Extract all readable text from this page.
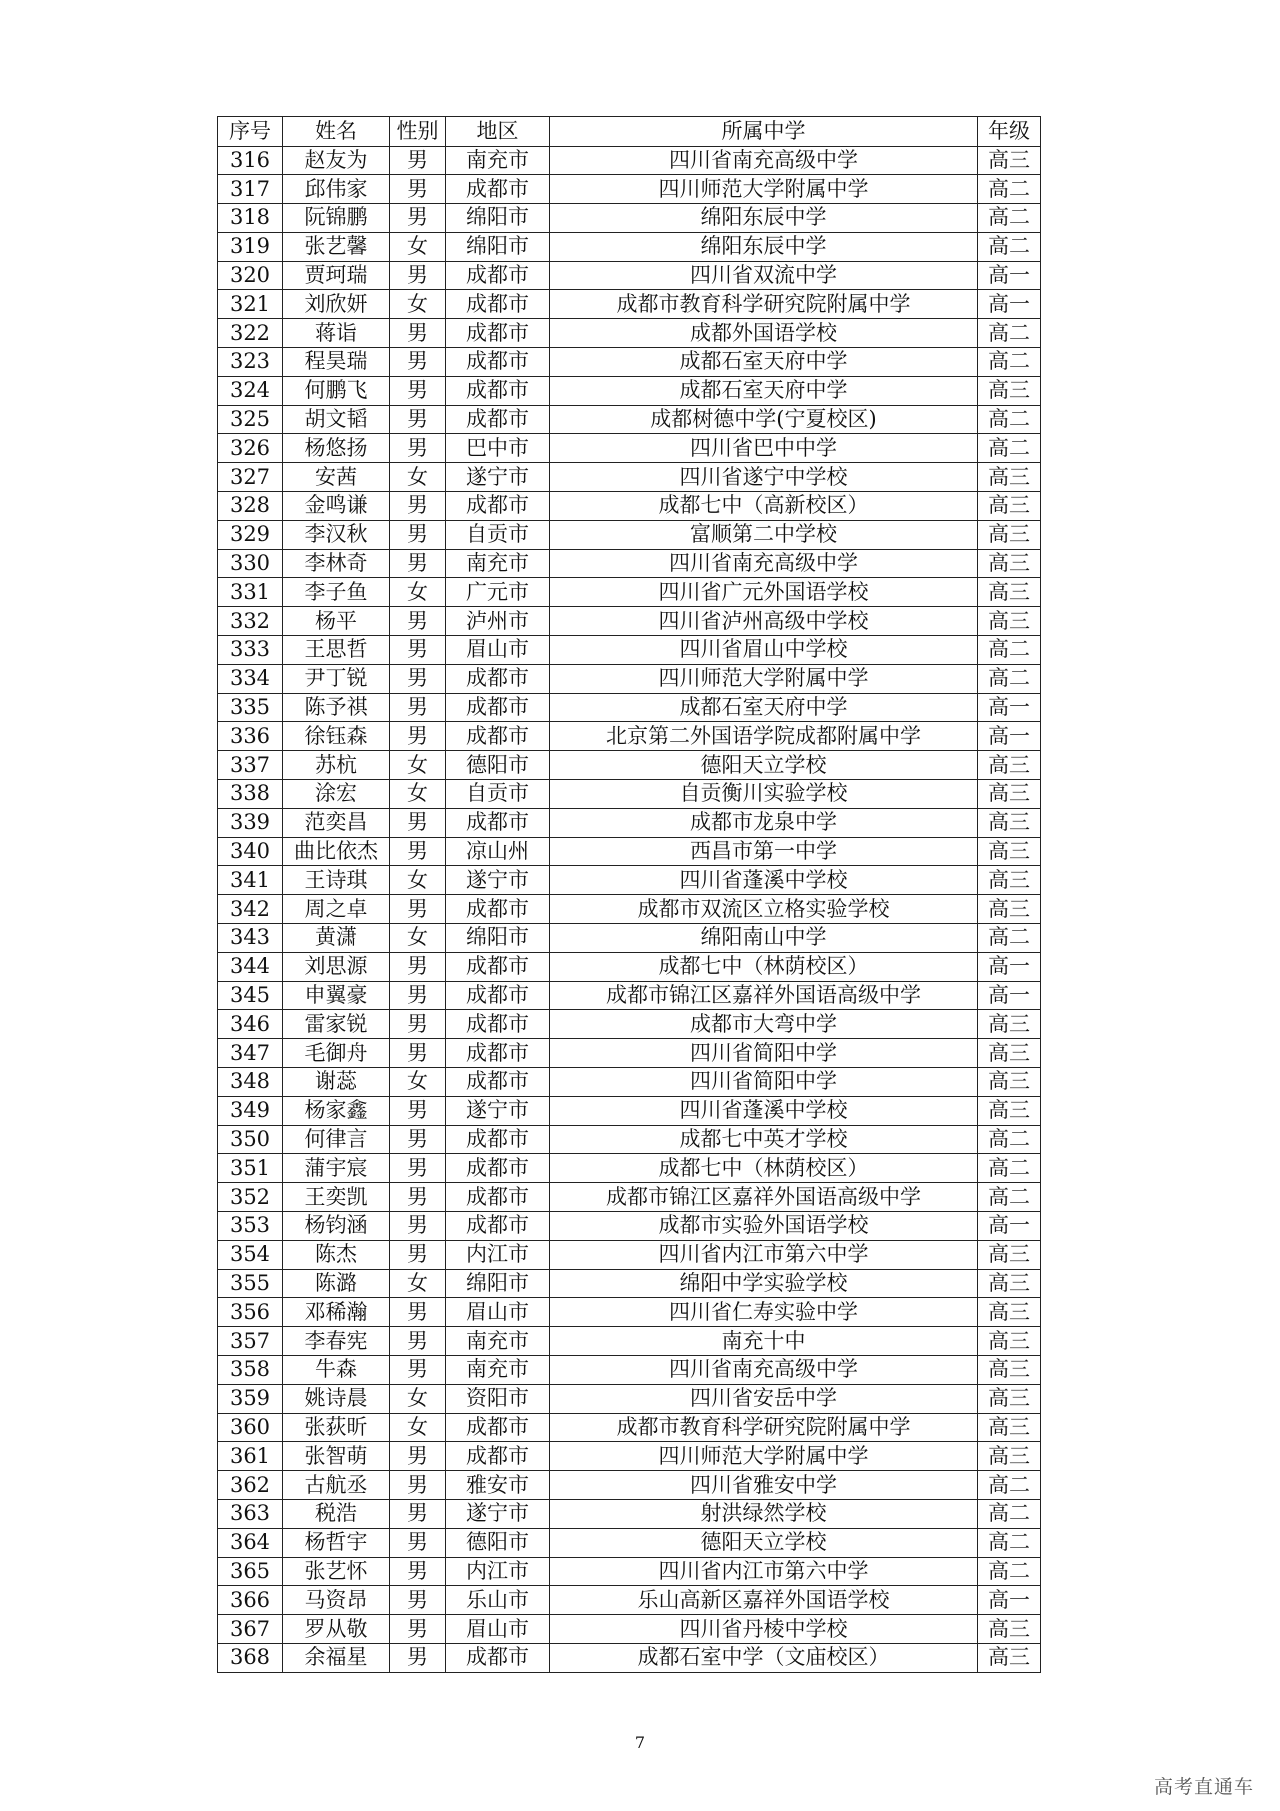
序号	姓名	性别	地区	所属中学	年级
316	赵友为	男	南充市	四川省南充高级中学	高三
317	邱伟家	男	成都市	四川师范大学附属中学	高二
318	阮锦鹏	男	绵阳市	绵阳东辰中学	高二
319	张艺馨	女	绵阳市	绵阳东辰中学	高二
320	贾珂瑞	男	成都市	四川省双流中学	高一
321	刘欣妍	女	成都市	成都市教育科学研究院附属中学	高一
322	蒋诣	男	成都市	成都外国语学校	高二
323	程昊瑞	男	成都市	成都石室天府中学	高二
324	何鹏飞	男	成都市	成都石室天府中学	高三
325	胡文韬	男	成都市	成都树德中学(宁夏校区)	高二
326	杨悠扬	男	巴中市	四川省巴中中学	高二
327	安茜	女	遂宁市	四川省遂宁中学校	高三
328	金鸣谦	男	成都市	成都七中（高新校区）	高三
329	李汉秋	男	自贡市	富顺第二中学校	高三
330	李林奇	男	南充市	四川省南充高级中学	高三
331	李子鱼	女	广元市	四川省广元外国语学校	高三
332	杨平	男	泸州市	四川省泸州高级中学校	高三
333	王思哲	男	眉山市	四川省眉山中学校	高二
334	尹丁锐	男	成都市	四川师范大学附属中学	高二
335	陈予祺	男	成都市	成都石室天府中学	高一
336	徐钰森	男	成都市	北京第二外国语学院成都附属中学	高一
337	苏杭	女	德阳市	德阳天立学校	高三
338	涂宏	女	自贡市	自贡衡川实验学校	高三
339	范奕昌	男	成都市	成都市龙泉中学	高三
340	曲比依杰	男	凉山州	西昌市第一中学	高三
341	王诗琪	女	遂宁市	四川省蓬溪中学校	高三
342	周之卓	男	成都市	成都市双流区立格实验学校	高三
343	黄潇	女	绵阳市	绵阳南山中学	高二
344	刘思源	男	成都市	成都七中（林荫校区）	高一
345	申翼豪	男	成都市	成都市锦江区嘉祥外国语高级中学	高一
346	雷家锐	男	成都市	成都市大弯中学	高三
347	毛御舟	男	成都市	四川省简阳中学	高三
348	谢蕊	女	成都市	四川省简阳中学	高三
349	杨家鑫	男	遂宁市	四川省蓬溪中学校	高三
350	何律言	男	成都市	成都七中英才学校	高二
351	蒲宇宸	男	成都市	成都七中（林荫校区）	高二
352	王奕凯	男	成都市	成都市锦江区嘉祥外国语高级中学	高二
353	杨钧涵	男	成都市	成都市实验外国语学校	高一
354	陈杰	男	内江市	四川省内江市第六中学	高三
355	陈潞	女	绵阳市	绵阳中学实验学校	高三
356	邓稀瀚	男	眉山市	四川省仁寿实验中学	高三
357	李春宪	男	南充市	南充十中	高三
358	牛森	男	南充市	四川省南充高级中学	高三
359	姚诗晨	女	资阳市	四川省安岳中学	高三
360	张荻昕	女	成都市	成都市教育科学研究院附属中学	高三
361	张智萌	男	成都市	四川师范大学附属中学	高三
362	古航丞	男	雅安市	四川省雅安中学	高二
363	税浩	男	遂宁市	射洪绿然学校	高二
364	杨哲宇	男	德阳市	德阳天立学校	高二
365	张艺怀	男	内江市	四川省内江市第六中学	高二
366	马资昂	男	乐山市	乐山高新区嘉祥外国语学校	高一
367	罗从敬	男	眉山市	四川省丹棱中学校	高三
368	余福星	男	成都市	成都石室中学（文庙校区）	高三
7
高考直通车
